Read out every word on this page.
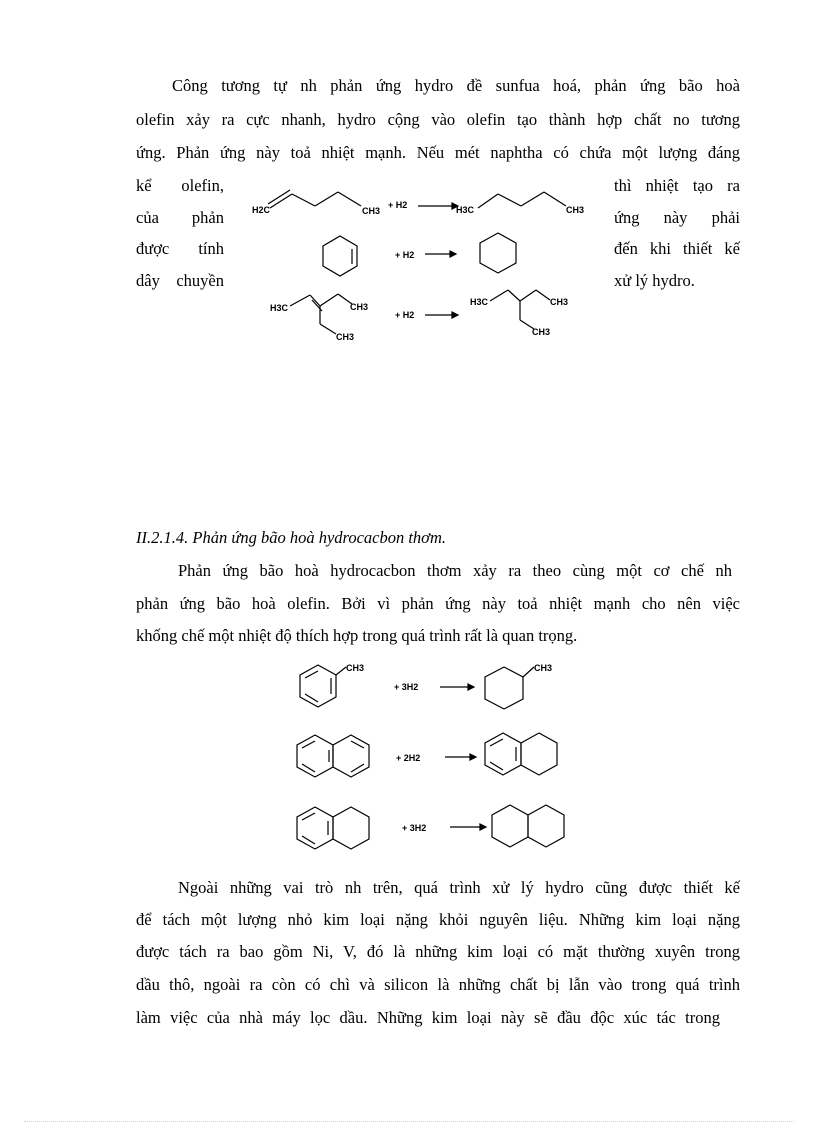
Công tương tự nh phản ứng hydro đề sunfua hoá, phản ứng bão hoà
olefin xảy ra cực nhanh, hydro cộng vào olefin tạo thành hợp chất no tương
ứng. Phản ứng này toả nhiệt mạnh. Nếu mét naphtha có chứa một lượng đáng
kể olefin,
của phản
được tính
dây chuyền
thì nhiệt tạo ra
ứng này phải
đến khi thiết kế
xử lý hydro.
H2C	CH3
+ H2	H3C	CH3
+ H2
H3C	CH3
CH3
+ H2
H3C	CH3
CH3
II.2.1.4. Phản ứng bão hoà hydrocacbon thơm.
Phản ứng bão hoà hydrocacbon thơm xảy ra theo cùng một cơ chế nh
phản ứng bão hoà olefin. Bởi vì phản ứng này toả nhiệt mạnh cho nên việc
khống chế một nhiệt độ thích hợp trong quá trình rất là quan trọng.
CH3
+ 3H2
CH3
+ 2H2
+ 3H2
Ngoài những vai trò nh trên, quá trình xử lý hydro cũng được thiết kế
để tách một lượng nhỏ kim loại nặng khỏi nguyên liệu. Những kim loại nặng
được tách ra bao gồm Ni, V, đó là những kim loại có mặt thường xuyên trong
dầu thô, ngoài ra còn có chì và silicon là những chất bị lẫn vào trong quá trình
làm việc của nhà máy lọc dầu. Những kim loại này sẽ đầu độc xúc tác trong
